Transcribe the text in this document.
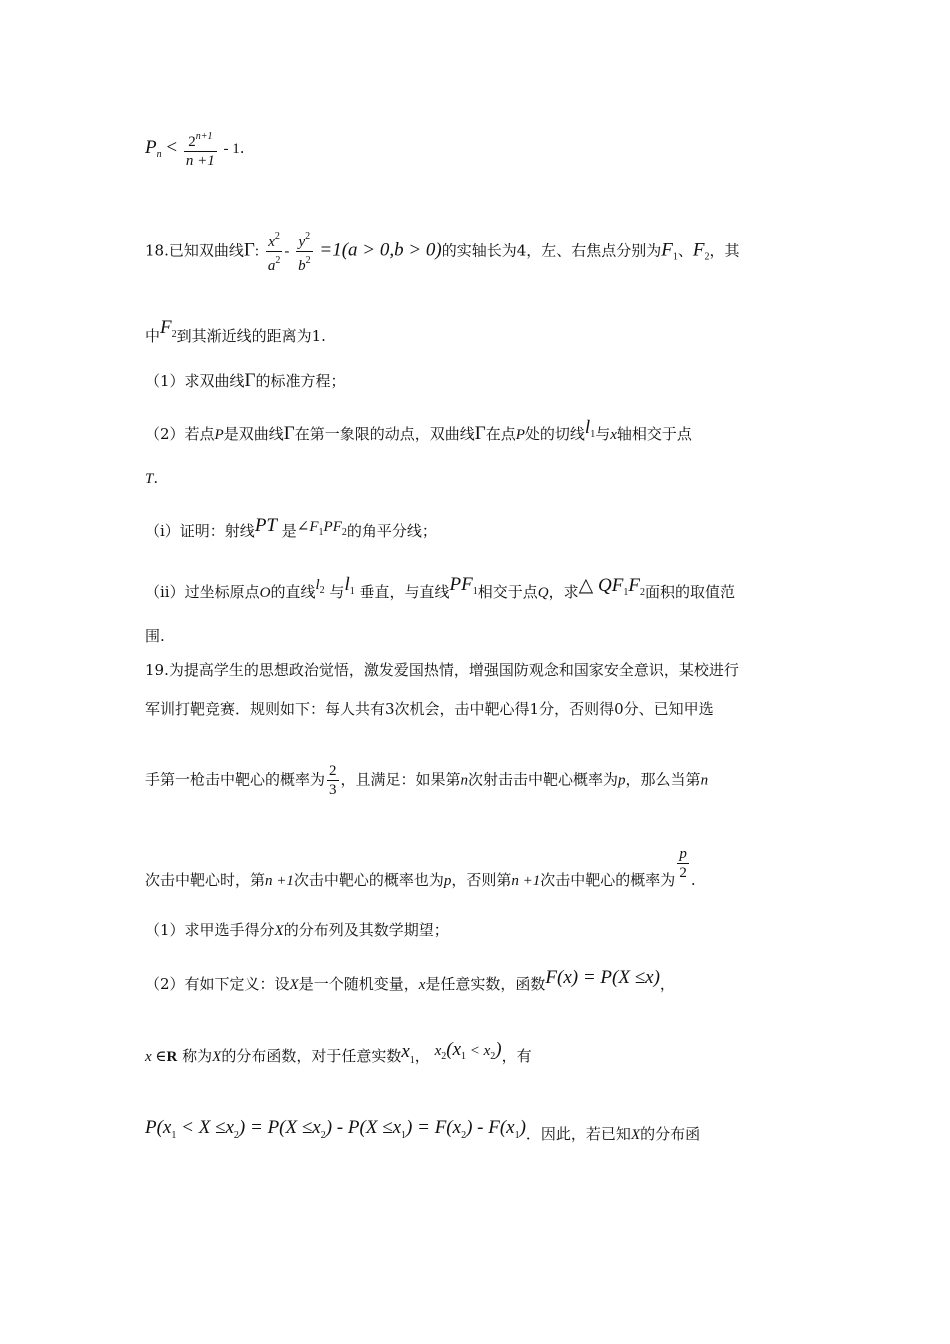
$P_n < \frac{2^{n+1}}{n +1} - 1$.
18.已知双曲线Γ: $\frac{x^2}{a^2} - \frac{y^2}{b^2} =1(a > 0,b > 0)$的实轴长为4，左、右焦点分别为$F_1$、$F_2$，其
中$F^2$到其渐近线的距离为1.
（1）求双曲线Γ的标准方程；
（2）若点P是双曲线Γ在第一象限的动点，双曲线Γ在点P处的切线$l^1$与x轴相交于点
T.
（i）证明：射线PT 是∠F1PF2的角平分线；
（ii）过坐标原点O的直线$l^2$ 与$l^1$ 垂直，与直线$PF^1$相交于点Q，求△ $QF^1F^2$面积的取值范
围.
19.为提高学生的思想政治觉悟，激发爱国热情，增强国防观念和国家安全意识，某校进行
军训打靶竞赛．规则如下：每人共有3次机会，击中靶心得1分，否则得0分、已知甲选
手第一枪击中靶心的概率为 $\frac{2}{3}$ ，且满足：如果第n次射击击中靶心概率为p，那么当第n
次击中靶心时，第n +1次击中靶心的概率也为p，否则第n +1次击中靶心的概率为 $\frac{p}{2}$ .
（1）求甲选手得分X的分布列及其数学期望；
（2）有如下定义：设X是一个随机变量，x是任意实数，函数F(x) = P(X ≤x)，
x ∈R 称为X的分布函数，对于任意实数$x_1$， $x^2(x^1 < x^2)$，有
P(x1 < X ≤x2) = P(X ≤x2) - P(X ≤x1) = F(x2) - F(x1)．因此，若已知X的分布函
